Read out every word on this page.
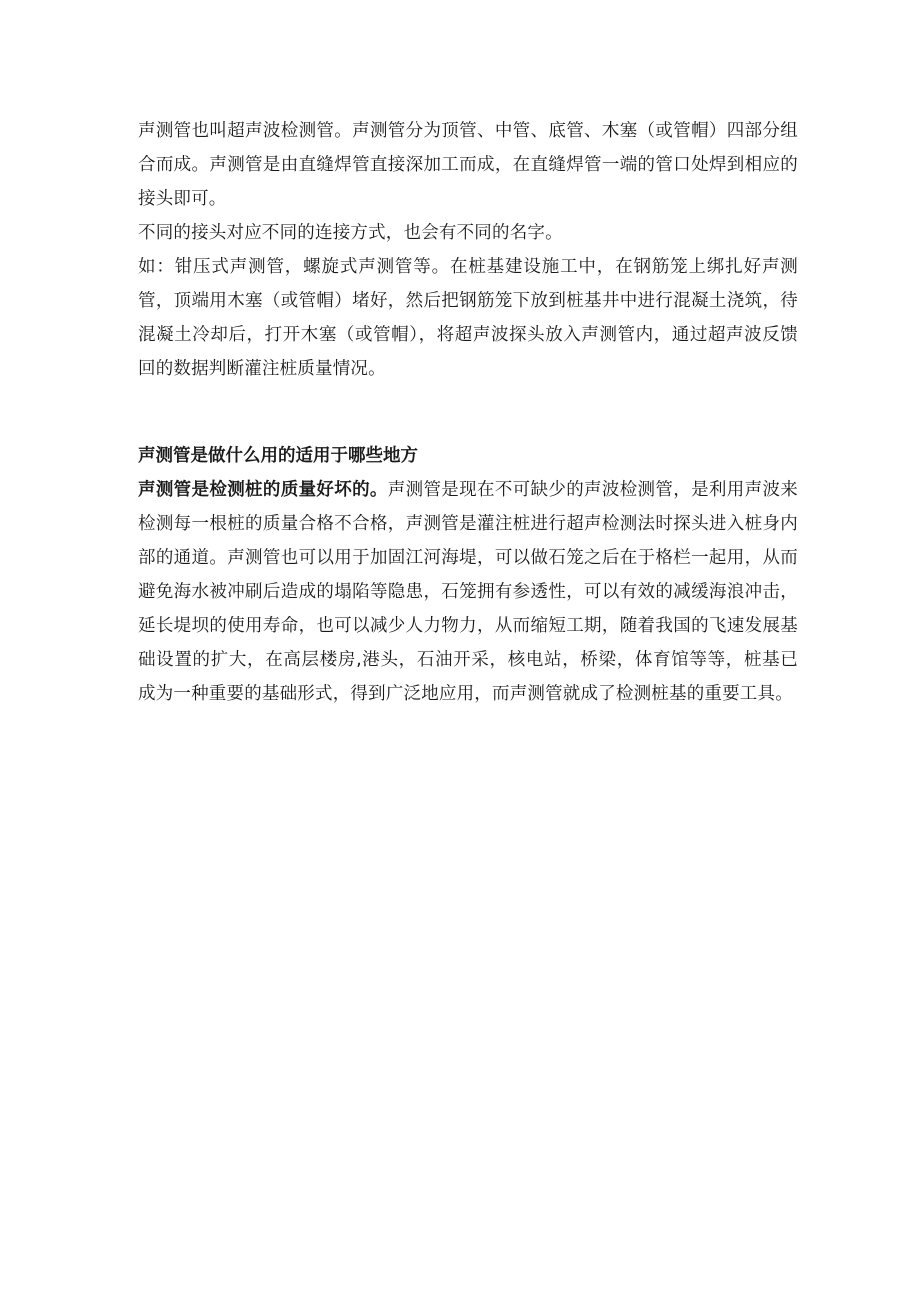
声测管也叫超声波检测管。声测管分为顶管、中管、底管、木塞（或管帽）四部分组合而成。声测管是由直缝焊管直接深加工而成，在直缝焊管一端的管口处焊到相应的接头即可。

不同的接头对应不同的连接方式，也会有不同的名字。

如：钳压式声测管，螺旋式声测管等。在桩基建设施工中，在钢筋笼上绑扎好声测管，顶端用木塞（或管帽）堵好，然后把钢筋笼下放到桩基井中进行混凝土浇筑，待混凝土冷却后，打开木塞（或管帽），将超声波探头放入声测管内，通过超声波反馈回的数据判断灌注桩质量情况。

声测管是做什么用的适用于哪些地方

声测管是检测桩的质量好坏的。声测管是现在不可缺少的声波检测管，是利用声波来检测每一根桩的质量合格不合格，声测管是灌注桩进行超声检测法时探头进入桩身内部的通道。声测管也可以用于加固江河海堤，可以做石笼之后在于格栏一起用，从而避免海水被冲刷后造成的塌陷等隐患，石笼拥有参透性，可以有效的减缓海浪冲击，延长堤坝的使用寿命，也可以减少人力物力，从而缩短工期，随着我国的飞速发展基础设置的扩大，在高层楼房,港头，石油开采，核电站，桥梁，体育馆等等，桩基已成为一种重要的基础形式，得到广泛地应用，而声测管就成了检测桩基的重要工具。
